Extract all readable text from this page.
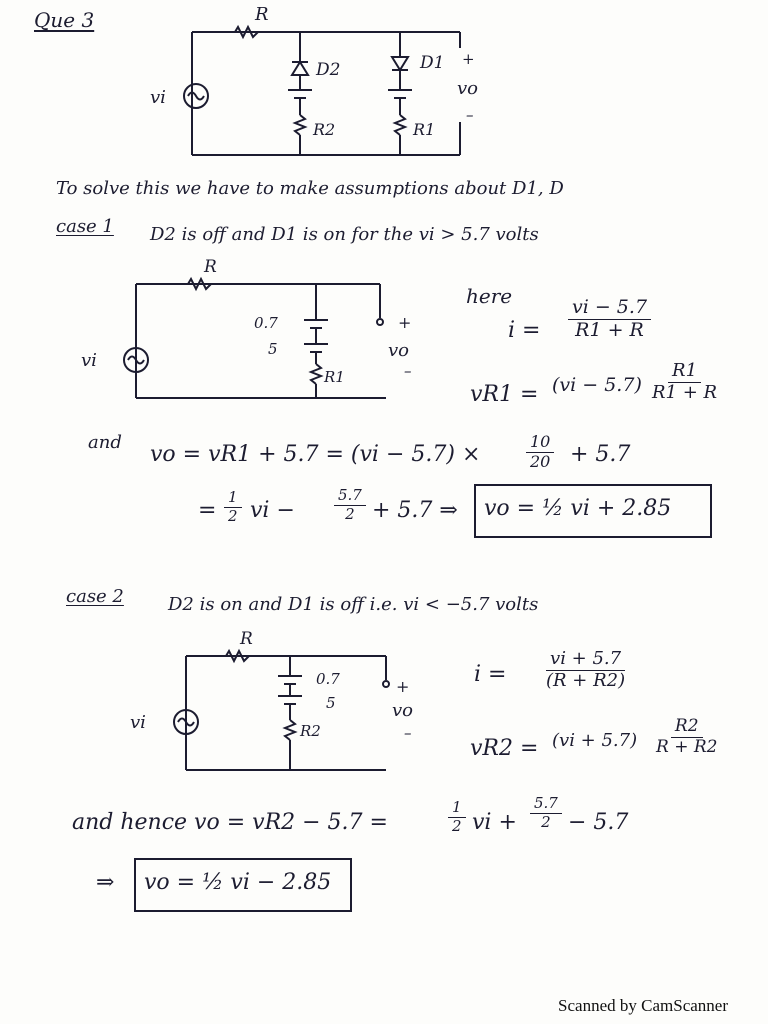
Que 3	R
D2	D1
R2	R1
vi
+
vo
–
To solve this we have to make assumptions about D1, D
case 1 D2 is off and D1 is on for the vi > 5.7 volts
R
0.7
5
R1
vi
+
vo
–
here
$i = \frac{vi - 5.7}{R1 + R}$
$vR1 = (vi - 5.7) \frac{R1}{R1 + R}$
and vo = vR1 + 5.7 = (vi − 5.7) ×	$\frac{10}{20} + 5.7$
= $\frac{1}{2}$ vi −	$\frac{5.7}{2} + 5.7$ ⇒ vo = ½ vi + 2.85
case 2 D2 is on and D1 is off i.e. vi < −5.7 volts
R
0.7
5
R2
vi
+
vo
–
$i = \frac{vi + 5.7}{(R + R2)}$
$vR2 = (vi + 5.7) \frac{R2}{R + R2}$
and hence vo = vR2 − 5.7 =	$\frac{1}{2}$ vi + $\frac{5.7}{2} - 5.7$
⇒ vo = ½ vi − 2.85
Scanned by CamScanner
